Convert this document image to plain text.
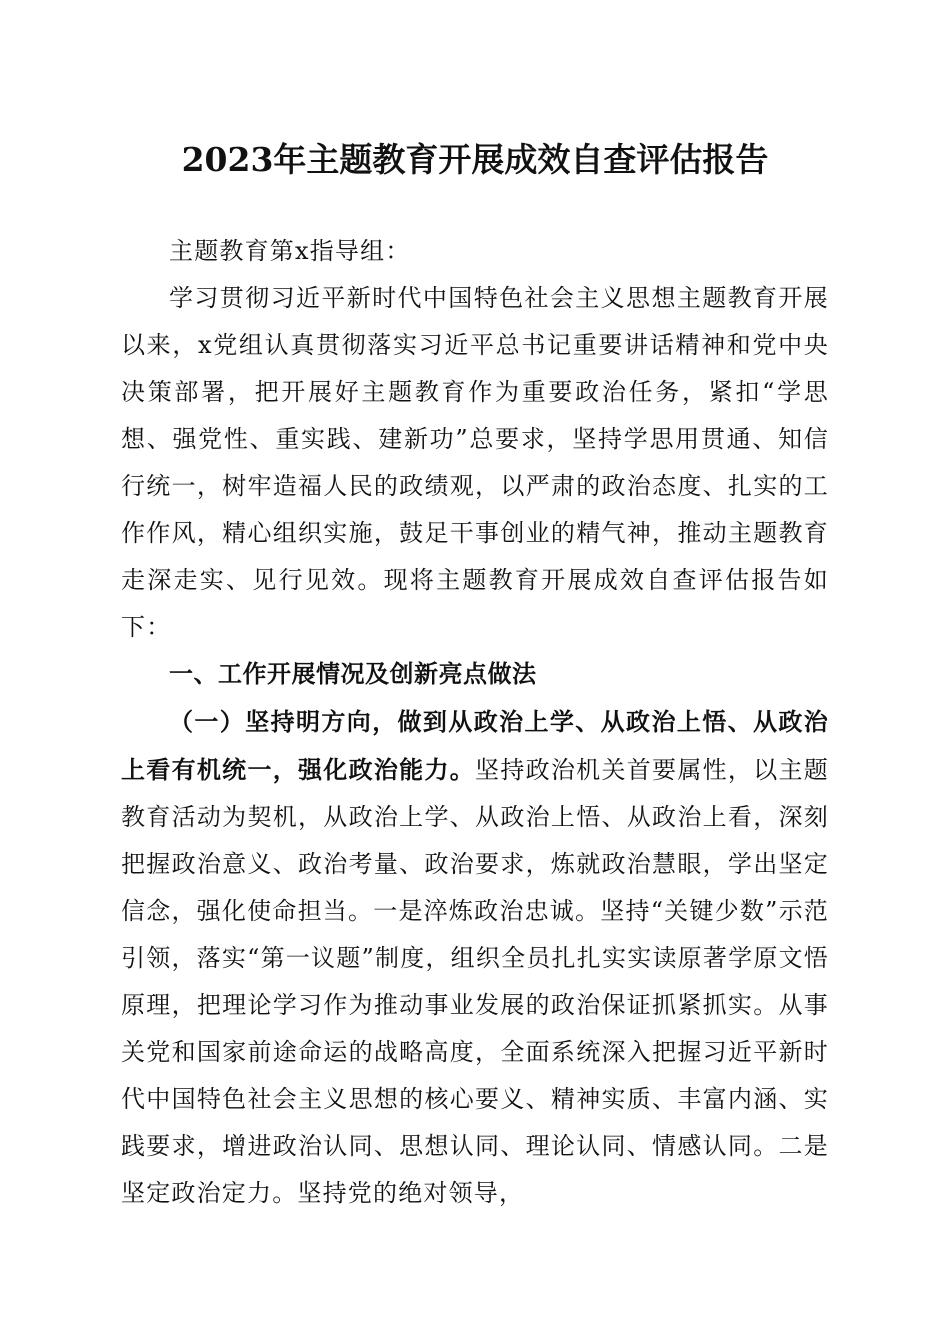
2023年主题教育开展成效自查评估报告

主题教育第x指导组：

学习贯彻习近平新时代中国特色社会主义思想主题教育开展以来，x党组认真贯彻落实习近平总书记重要讲话精神和党中央决策部署，把开展好主题教育作为重要政治任务，紧扣“学思想、强党性、重实践、建新功”总要求，坚持学思用贯通、知信行统一，树牢造福人民的政绩观，以严肃的政治态度、扎实的工作作风，精心组织实施，鼓足干事创业的精气神，推动主题教育走深走实、见行见效。现将主题教育开展成效自查评估报告如下：

一、工作开展情况及创新亮点做法

（一）坚持明方向，做到从政治上学、从政治上悟、从政治上看有机统一，强化政治能力。坚持政治机关首要属性，以主题教育活动为契机，从政治上学、从政治上悟、从政治上看，深刻把握政治意义、政治考量、政治要求，炼就政治慧眼，学出坚定信念，强化使命担当。一是淬炼政治忠诚。坚持“关键少数”示范引领，落实“第一议题”制度，组织全员扎扎实实读原著学原文悟原理，把理论学习作为推动事业发展的政治保证抓紧抓实。从事关党和国家前途命运的战略高度，全面系统深入把握习近平新时代中国特色社会主义思想的核心要义、精神实质、丰富内涵、实践要求，增进政治认同、思想认同、理论认同、情感认同。二是坚定政治定力。坚持党的绝对领导，
